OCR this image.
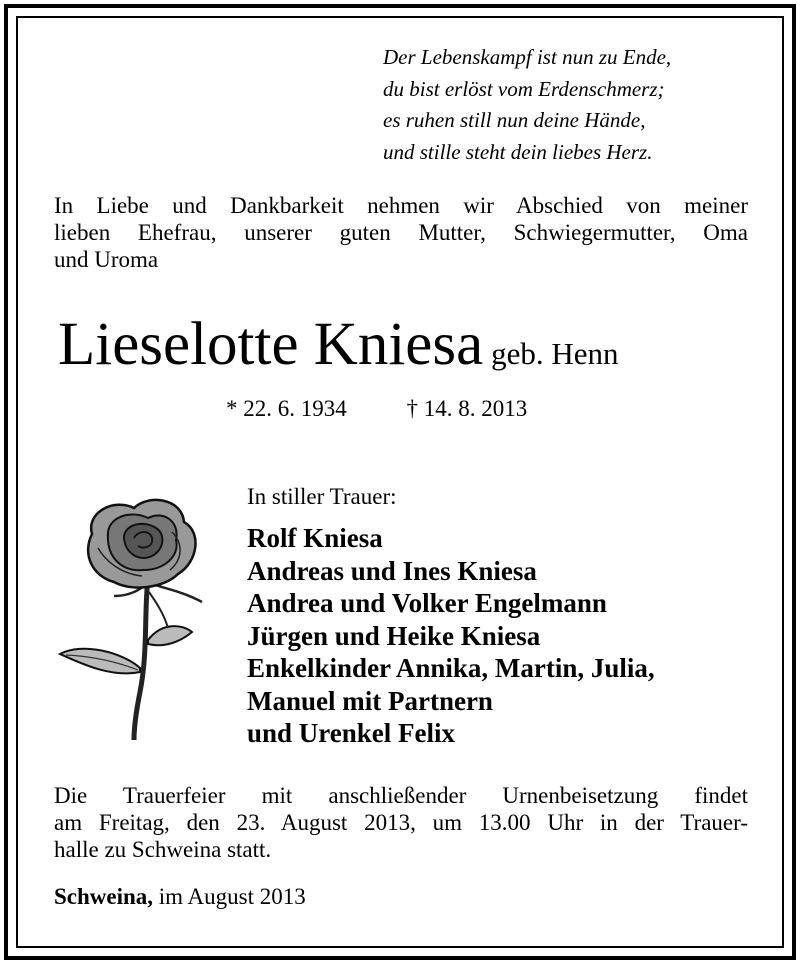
Der Lebenskampf ist nun zu Ende,
du bist erlöst vom Erdenschmerz;
es ruhen still nun deine Hände,
und stille steht dein liebes Herz.
In Liebe und Dankbarkeit nehmen wir Abschied von meiner
lieben Ehefrau, unserer guten Mutter, Schwiegermutter, Oma
und Uroma
Lieselotte Kniesa geb. Henn
* 22. 6. 1934	† 14. 8. 2013
In stiller Trauer:
Rolf Kniesa
Andreas und Ines Kniesa
Andrea und Volker Engelmann
Jürgen und Heike Kniesa
Enkelkinder Annika, Martin, Julia,
Manuel mit Partnern
und Urenkel Felix
Die Trauerfeier mit anschließender Urnenbeisetzung findet
am Freitag, den 23. August 2013, um 13.00 Uhr in der Trauer-
halle zu Schweina statt.
Schweina, im August 2013
